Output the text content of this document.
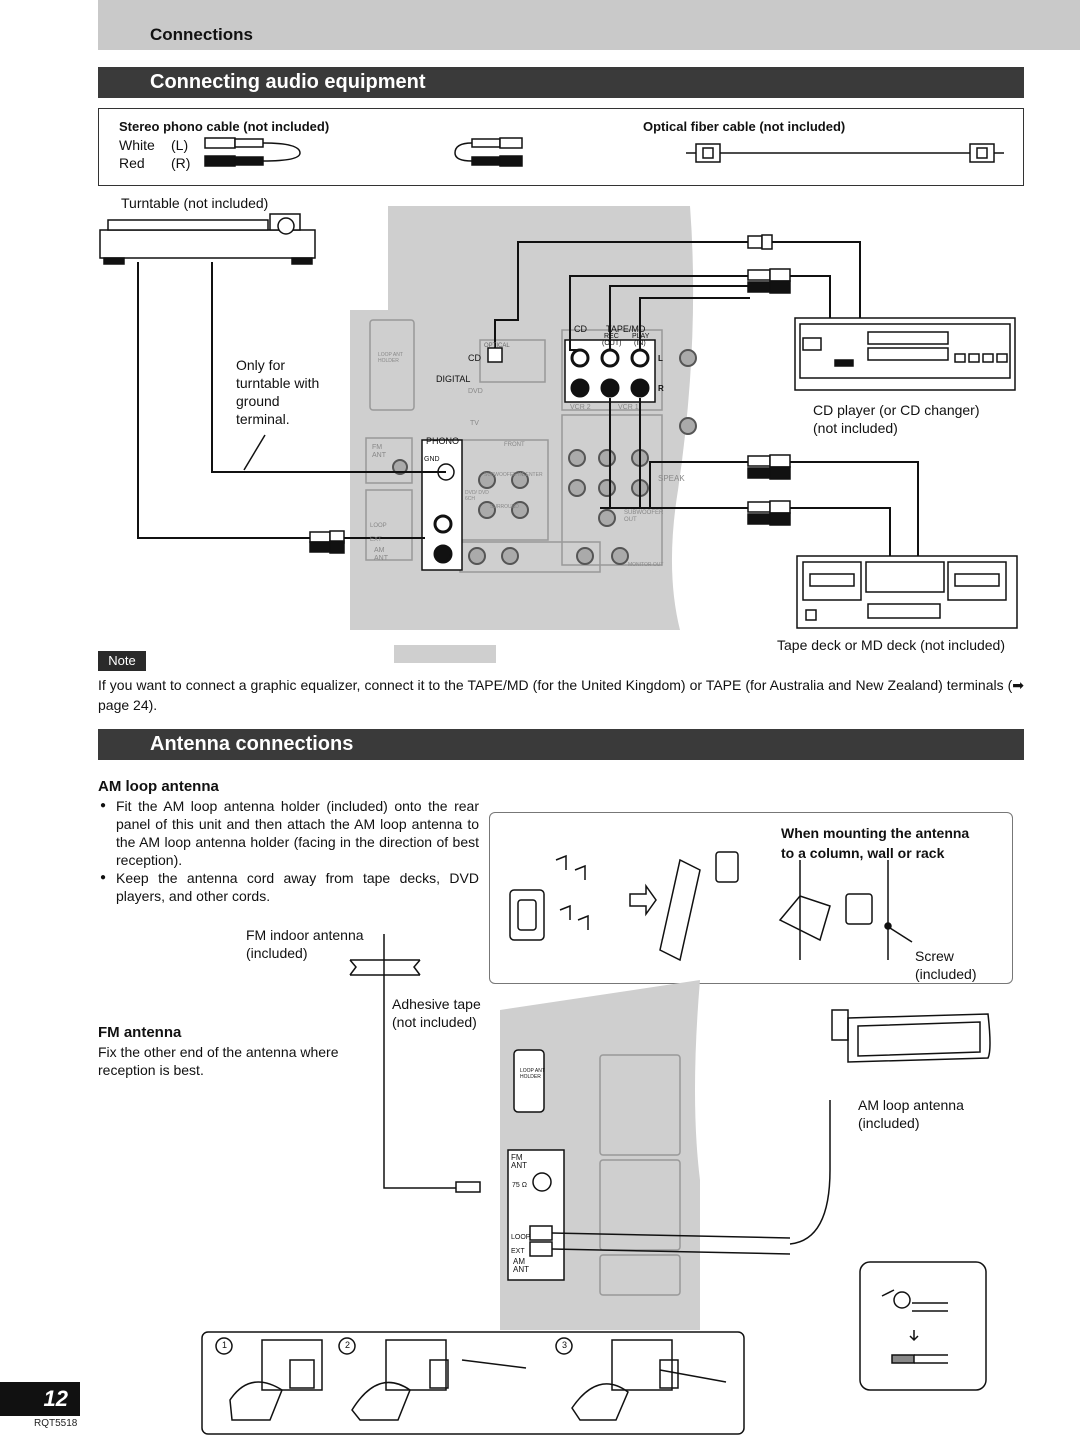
Connections
Connecting audio equipment
Stereo phono cable (not included)
White (L)
Red (R)
Optical fiber cable (not included)
Turntable (not included)
CD TAPE/MD
REC
(OUT)
PLAY
(IN)
OPTICAL
CD
DIGITAL
DVD
TV
VCR 2	VCR 1
FM ANT
PHONO
GND
FRONT
SUBWOOFER IN
CENTER
SURROUND
SUBWOOFER OUT
MONITOR OUT
LOOP
EXT
AM ANT
SPEAK
DVD/ DVD 6CH
LOOP ANT HOLDER	L
R
Only for
turntable with
ground
terminal.
CD player (or CD changer)
(not included)
Tape deck or MD deck (not included)
Note
If you want to connect a graphic equalizer, connect it to the TAPE/MD (for the United Kingdom) or TAPE (for Australia and New Zealand) terminals (➡ page 24).
Antenna connections
AM loop antenna
● Fit the AM loop antenna holder (included) onto the rear panel of this unit and then attach the AM loop antenna to the AM loop antenna holder (facing in the direction of best reception).
● Keep the antenna cord away from tape decks, DVD players, and other cords.
When mounting the antenna
to a column, wall or rack
Screw
(included)
FM indoor antenna
(included)
Adhesive tape
(not included)
FM antenna
Fix the other end of the antenna where
reception is best.
AM loop antenna
(included)
FM ANT
75 Ω
LOOP
EXT
AM ANT
LOOP ANT HOLDER
1	2	3
12
RQT5518
